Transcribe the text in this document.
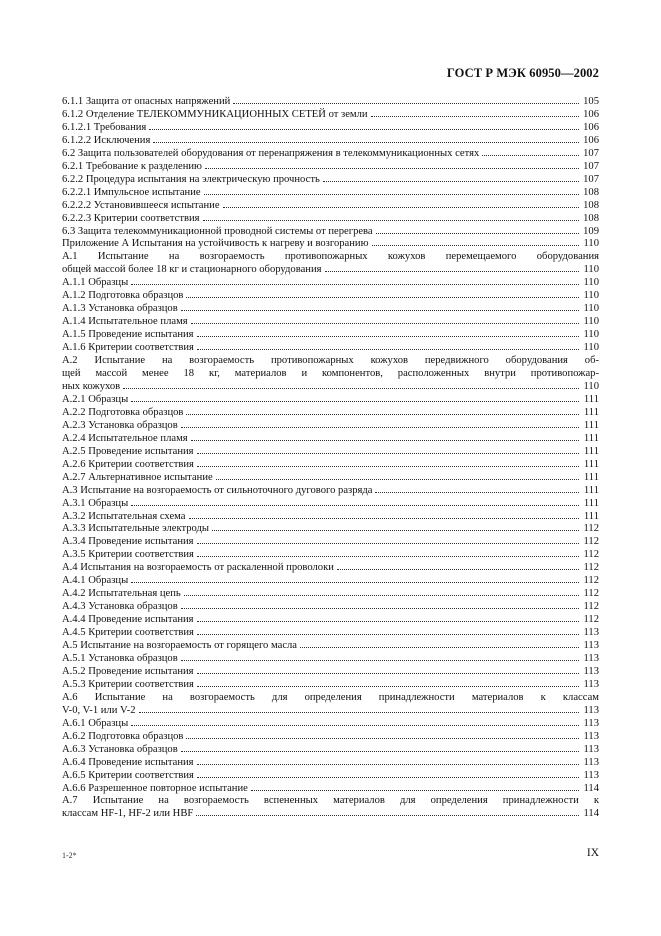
ГОСТ Р МЭК 60950—2002
6.1.1 Защита от опасных напряжений	105
6.1.2 Отделение ТЕЛЕКОММУНИКАЦИОННЫХ СЕТЕЙ от земли	106
6.1.2.1 Требования	106
6.1.2.2 Исключения	106
6.2 Защита пользователей оборудования от перенапряжения в телекоммуникационных сетях	107
6.2.1 Требование к разделению	107
6.2.2 Процедура испытания на электрическую прочность	107
6.2.2.1 Импульсное испытание	108
6.2.2.2 Установившееся испытание	108
6.2.2.3 Критерии соответствия	108
6.3 Защита телекоммуникационной проводной системы от перегрева	109
Приложение А Испытания на устойчивость к нагреву и возгоранию	110
А.1 Испытание на возгораемость противопожарных кожухов перемещаемого оборудования
общей массой более 18 кг и стационарного оборудования	110
А.1.1 Образцы	110
А.1.2 Подготовка образцов	110
А.1.3 Установка образцов	110
А.1.4 Испытательное пламя	110
А.1.5 Проведение испытания	110
А.1.6 Критерии соответствия	110
А.2 Испытание на возгораемость противопожарных кожухов передвижного оборудования об-
щей массой менее 18 кг, материалов и компонентов, расположенных внутри противопожар-
ных кожухов	110
А.2.1 Образцы	111
А.2.2 Подготовка образцов	111
А.2.3 Установка образцов	111
А.2.4 Испытательное пламя	111
А.2.5 Проведение испытания	111
А.2.6 Критерии соответствия	111
А.2.7 Альтернативное испытание	111
А.3 Испытание на возгораемость от сильноточного дугового разряда	111
А.3.1 Образцы	111
А.3.2 Испытательная схема	111
А.3.3 Испытательные электроды	112
А.3.4 Проведение испытания	112
А.3.5 Критерии соответствия	112
А.4 Испытания на возгораемость от раскаленной проволоки	112
А.4.1 Образцы	112
А.4.2 Испытательная цепь	112
А.4.3 Установка образцов	112
А.4.4 Проведение испытания	112
А.4.5 Критерии соответствия	113
А.5 Испытание на возгораемость от горящего масла	113
А.5.1 Установка образцов	113
А.5.2 Проведение испытания	113
А.5.3 Критерии соответствия	113
А.6 Испытание на возгораемость для определения принадлежности материалов к классам
V-0, V-1 или V-2	113
А.6.1 Образцы	113
А.6.2 Подготовка образцов	113
А.6.3 Установка образцов	113
А.6.4 Проведение испытания	113
А.6.5 Критерии соответствия	113
А.6.6 Разрешенное повторное испытание	114
А.7 Испытание на возгораемость вспененных материалов для определения принадлежности к
классам HF-1, HF-2 или HBF	114
1-2*	IX
